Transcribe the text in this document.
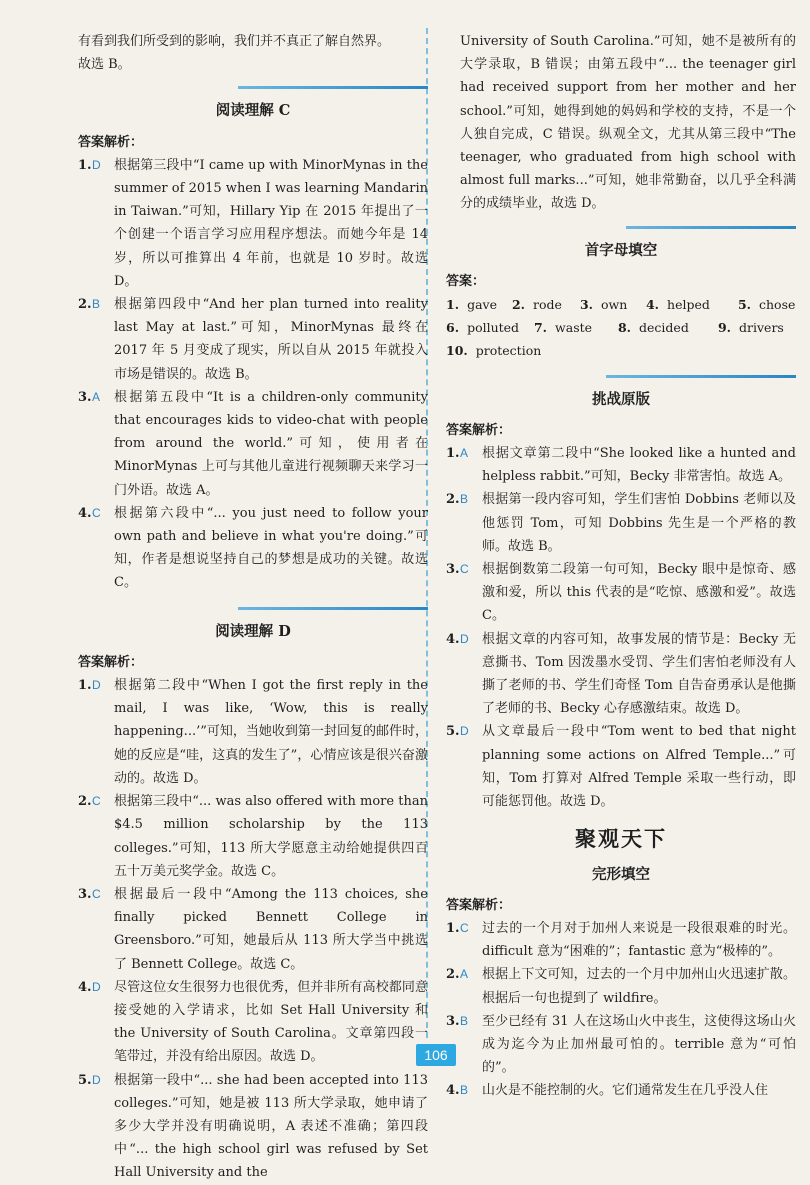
有看到我们所受到的影响，我们并不真正了解自然界。

故选 B。

阅读理解 C
答案解析：
1. D	根据第三段中“I came up with MinorMynas in the summer of 2015 when I was learning Mandarin in Taiwan.”可知，Hillary Yip 在 2015 年提出了一个创建一个语言学习应用程序想法。而她今年是 14 岁，所以可推算出 4 年前，也就是 10 岁时。故选 D。
2. B	根据第四段中“And her plan turned into reality last May at last.”可知，MinorMynas 最终在 2017 年 5 月变成了现实，所以自从 2015 年就投入市场是错误的。故选 B。
3. A	根据第五段中“It is a children-only community that encourages kids to video-chat with people from around the world.”可知，使用者在 MinorMynas 上可与其他儿童进行视频聊天来学习一门外语。故选 A。
4. C	根据第六段中“... you just need to follow your own path and believe in what you're doing.”可知，作者是想说坚持自己的梦想是成功的关键。故选 C。
阅读理解 D
答案解析：
1. D	根据第二段中“When I got the first reply in the mail, I was like, ‘Wow, this is really happening...’”可知，当她收到第一封回复的邮件时，她的反应是“哇，这真的发生了”，心情应该是很兴奋激动的。故选 D。
2. C	根据第三段中“... was also offered with more than $4.5 million scholarship by the 113 colleges.”可知，113 所大学愿意主动给她提供四百五十万美元奖学金。故选 C。
3. C	根据最后一段中“Among the 113 choices, she finally picked Bennett College in Greensboro.”可知，她最后从 113 所大学当中挑选了 Bennett College。故选 C。
4. D	尽管这位女生很努力也很优秀，但并非所有高校都同意接受她的入学请求，比如 Set Hall University 和 the University of South Carolina。文章第四段一笔带过，并没有给出原因。故选 D。
5. D	根据第一段中“... she had been accepted into 113 colleges.”可知，她是被 113 所大学录取，她申请了多少大学并没有明确说明，A 表述不准确；第四段中“... the high school girl was refused by Set Hall University and the

University of South Carolina.”可知，她不是被所有的大学录取，B 错误；由第五段中“... the teenager girl had received support from her mother and her school.”可知，她得到她的妈妈和学校的支持，不是一个人独自完成，C 错误。纵观全文，尤其从第三段中“The teenager, who graduated from high school with almost full marks...”可知，她非常勤奋，以几乎全科满分的成绩毕业，故选 D。

首字母填空
答案：
1. gave 2. rode 3. own 4. helped 5. chose
6. polluted 7. waste 8. decided 9. drivers
10. protection
挑战原版
答案解析：
1. A	根据文章第二段中“She looked like a hunted and helpless rabbit.”可知，Becky 非常害怕。故选 A。
2. B	根据第一段内容可知，学生们害怕 Dobbins 老师以及他惩罚 Tom，可知 Dobbins 先生是一个严格的教师。故选 B。
3. C	根据倒数第二段第一句可知，Becky 眼中是惊奇、感激和爱，所以 this 代表的是“吃惊、感激和爱”。故选 C。
4. D	根据文章的内容可知，故事发展的情节是：Becky 无意撕书、Tom 因泼墨水受罚、学生们害怕老师没有人撕了老师的书、学生们奇怪 Tom 自告奋勇承认是他撕了老师的书、Becky 心存感激结束。故选 D。
5. D	从文章最后一段中“Tom went to bed that night planning some actions on Alfred Temple...”可知，Tom 打算对 Alfred Temple 采取一些行动，即可能惩罚他。故选 D。
聚观天下
完形填空
答案解析：
1. C	过去的一个月对于加州人来说是一段很艰难的时光。difficult 意为“困难的”；fantastic 意为“极棒的”。
2. A	根据上下文可知，过去的一个月中加州山火迅速扩散。根据后一句也提到了 wildfire。
3. B	至少已经有 31 人在这场山火中丧生，这使得这场山火成为迄今为止加州最可怕的。terrible 意为“可怕的”。
4. B	山火是不能控制的火。它们通常发生在几乎没人住
106
